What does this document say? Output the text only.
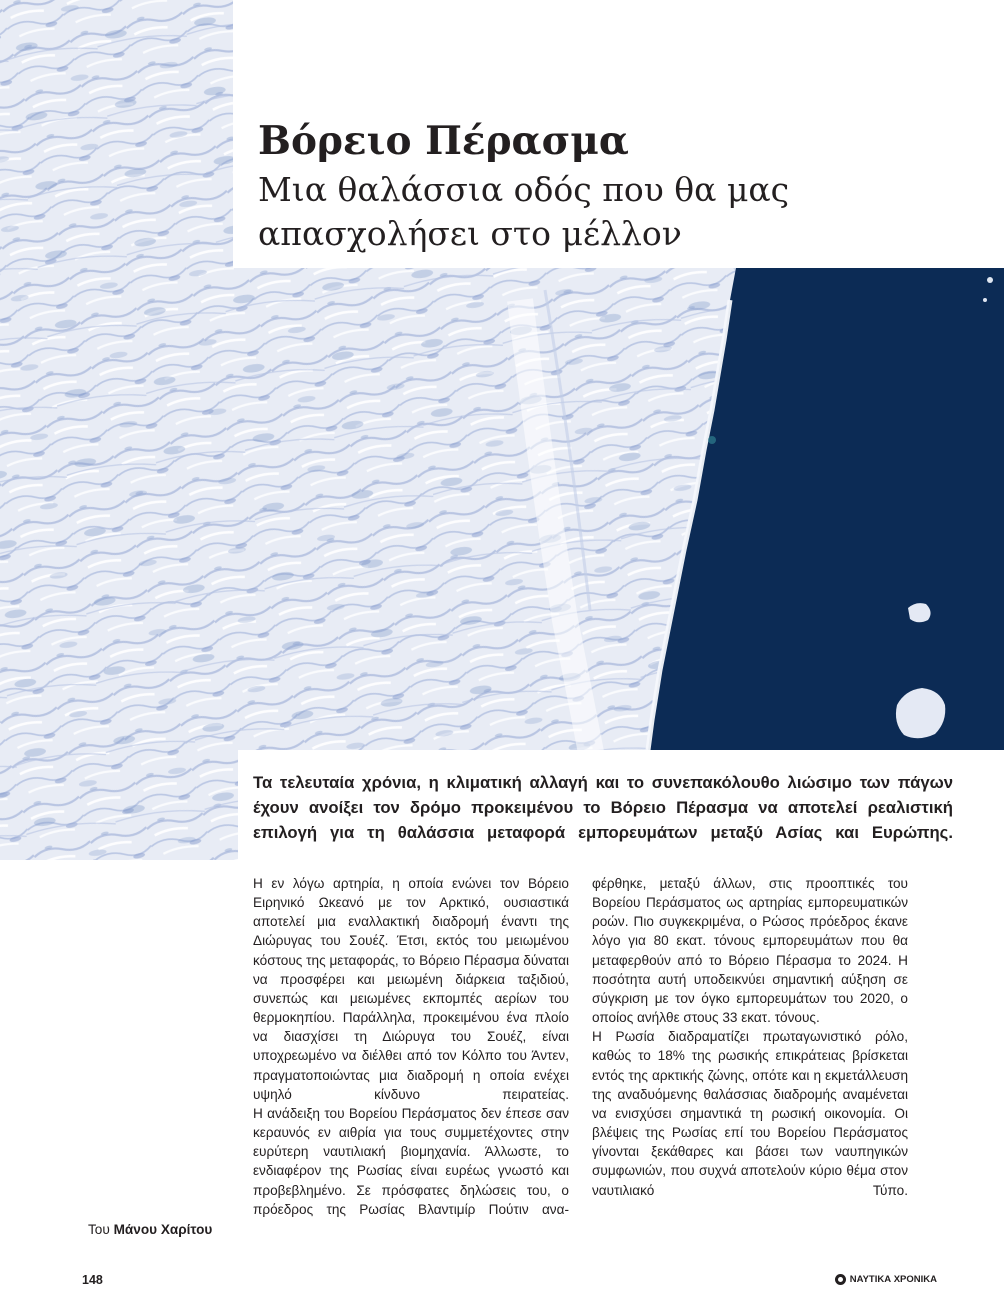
Βόρειο Πέρασμα
Μια θαλάσσια οδός που θα μας απασχολήσει στο μέλλον

Τα τελευταία χρόνια, η κλιματική αλλαγή και το συνεπακόλουθο λιώσιμο των πάγων έχουν ανοίξει τον δρόμο προκειμένου το Βόρειο Πέρασμα να αποτελεί ρεαλιστική επιλογή για τη θαλάσσια μεταφορά εμπορευμάτων μεταξύ Ασίας και Ευρώπης.

Η εν λόγω αρτηρία, η οποία ενώνει τον Βόρειο Ειρηνικό Ωκεανό με τον Αρκτικό, ουσιαστικά αποτελεί μια εναλλακτική διαδρομή έναντι της Διώρυγας του Σουέζ. Έτσι, εκτός του μειωμένου κόστους της μεταφοράς, το Βόρειο Πέρασμα δύναται να προσφέρει και μειωμένη διάρκεια ταξιδιού, συνεπώς και μειωμένες εκπομπές αερίων του θερμοκηπίου. Παράλληλα, προκειμένου ένα πλοίο να διασχίσει τη Διώρυγα του Σουέζ, είναι υποχρεωμένο να διέλθει από τον Κόλπο του Άντεν, πραγματοποιώντας μια διαδρομή η οποία ενέχει υψηλό κίνδυνο πειρατείας.

Η ανάδειξη του Βορείου Περάσματος δεν έπεσε σαν κεραυνός εν αιθρία για τους συμμετέχοντες στην ευρύτερη ναυτιλιακή βιομηχανία. Άλλωστε, το ενδιαφέρον της Ρωσίας είναι ευρέως γνωστό και προβεβλημένο. Σε πρόσφατες δηλώσεις του, ο πρόεδρος της Ρωσίας Βλαντιμίρ Πούτιν ανα-

φέρθηκε, μεταξύ άλλων, στις προοπτικές του Βορείου Περάσματος ως αρτηρίας εμπορευματικών ροών. Πιο συγκεκριμένα, ο Ρώσος πρόεδρος έκανε λόγο για 80 εκατ. τόνους εμπορευμάτων που θα μεταφερθούν από το Βόρειο Πέρασμα το 2024. Η ποσότητα αυτή υποδεικνύει σημαντική αύξηση σε σύγκριση με τον όγκο εμπορευμάτων του 2020, ο οποίος ανήλθε στους 33 εκατ. τόνους.

Η Ρωσία διαδραματίζει πρωταγωνιστικό ρόλο, καθώς το 18% της ρωσικής επικράτειας βρίσκεται εντός της αρκτικής ζώνης, οπότε και η εκμετάλλευση της αναδυόμενης θαλάσσιας διαδρομής αναμένεται να ενισχύσει σημαντικά τη ρωσική οικονομία. Οι βλέψεις της Ρωσίας επί του Βορείου Περάσματος γίνονται ξεκάθαρες και βάσει των ναυπηγικών συμφωνιών, που συχνά αποτελούν κύριο θέμα στον ναυτιλιακό Τύπο.

Του Μάνου Χαρίτου
148	ΝΑΥΤΙΚΑ ΧΡΟΝΙΚΑ
